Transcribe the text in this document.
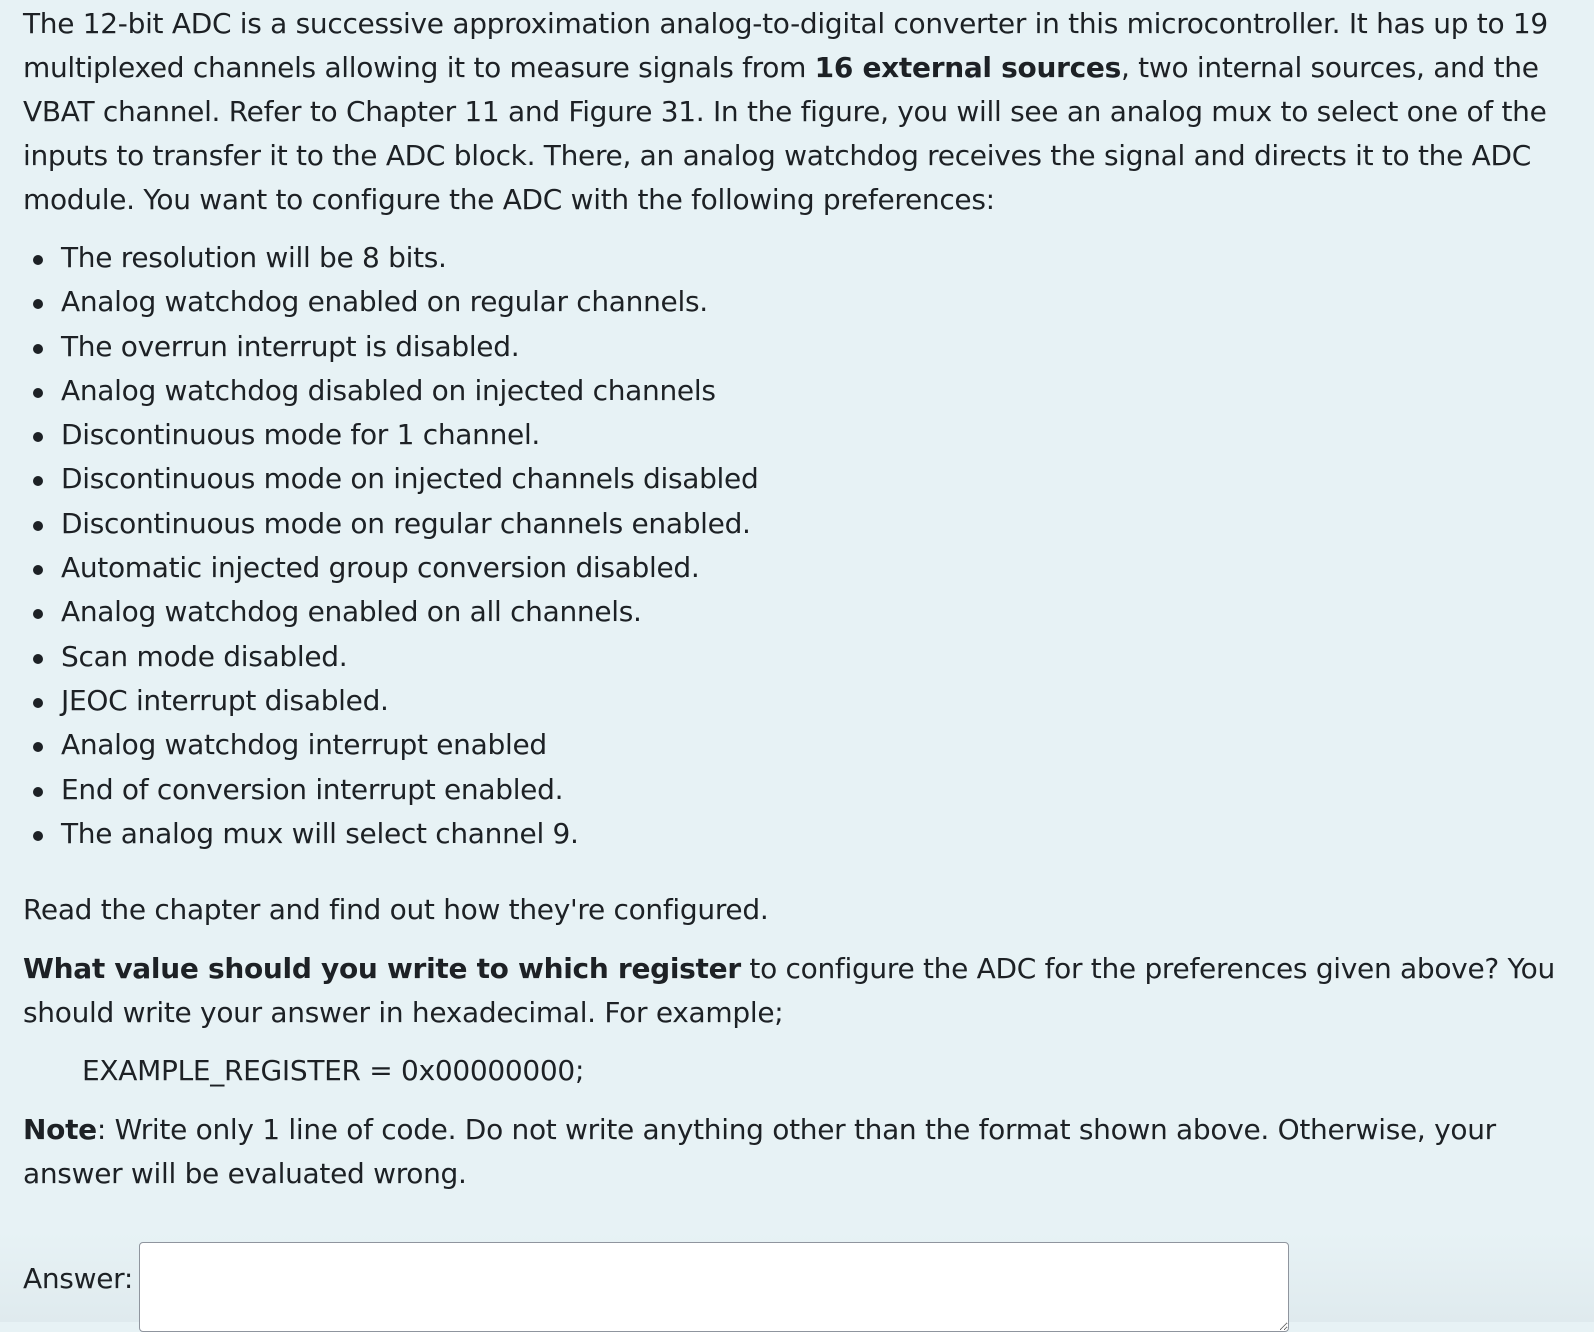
The 12-bit ADC is a successive approximation analog-to-digital converter in this microcontroller. It has up to 19 multiplexed channels allowing it to measure signals from 16 external sources, two internal sources, and the VBAT channel. Refer to Chapter 11 and Figure 31. In the figure, you will see an analog mux to select one of the inputs to transfer it to the ADC block. There, an analog watchdog receives the signal and directs it to the ADC module. You want to configure the ADC with the following preferences:

The resolution will be 8 bits.
Analog watchdog enabled on regular channels.
The overrun interrupt is disabled.
Analog watchdog disabled on injected channels
Discontinuous mode for 1 channel.
Discontinuous mode on injected channels disabled
Discontinuous mode on regular channels enabled.
Automatic injected group conversion disabled.
Analog watchdog enabled on all channels.
Scan mode disabled.
JEOC interrupt disabled.
Analog watchdog interrupt enabled
End of conversion interrupt enabled.
The analog mux will select channel 9.

Read the chapter and find out how they're configured.

What value should you write to which register to configure the ADC for the preferences given above? You should write your answer in hexadecimal. For example;

EXAMPLE_REGISTER = 0x00000000;

Note: Write only 1 line of code. Do not write anything other than the format shown above. Otherwise, your answer will be evaluated wrong.

Answer:
